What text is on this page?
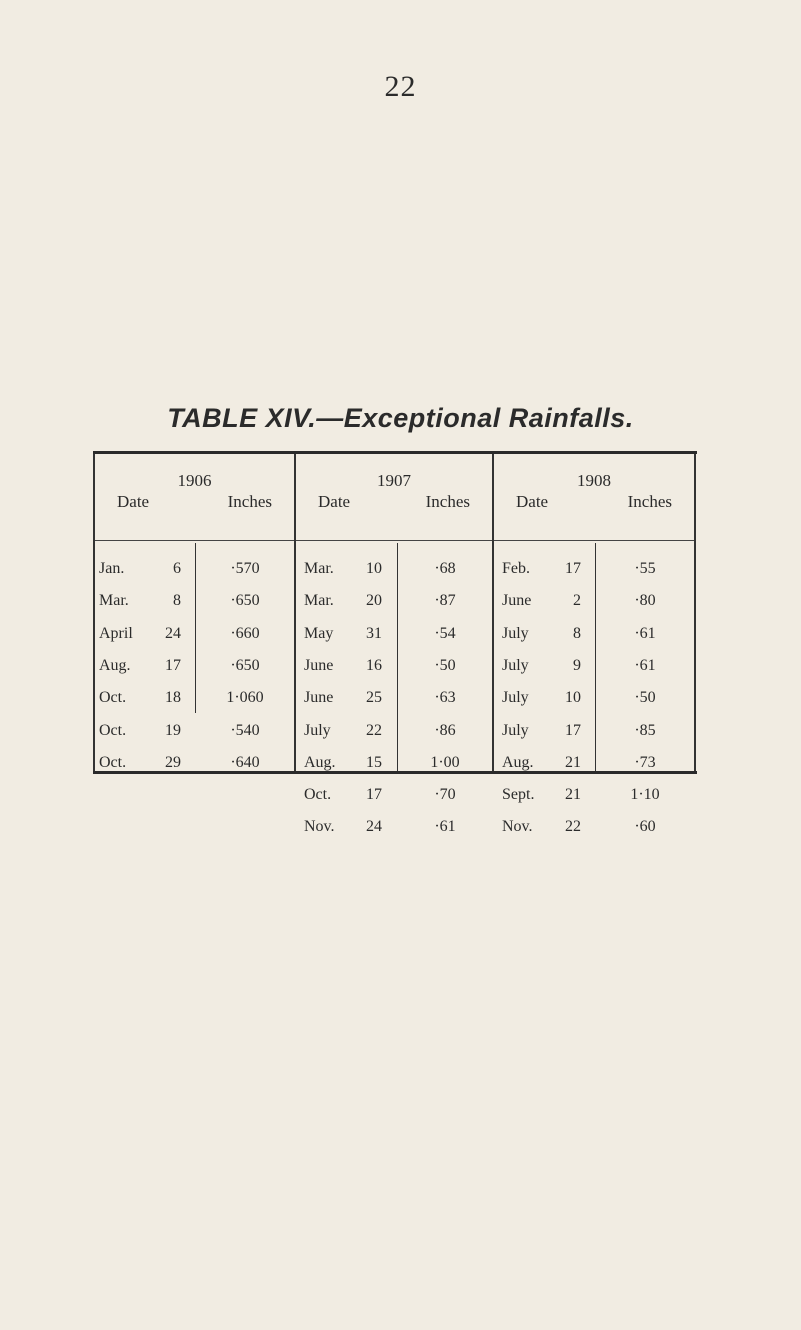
22
TABLE XIV.—Exceptional Rainfalls.
1906
Date	Inches
1907
Date	Inches
1908
Date	Inches
Jan.	6	·570
Mar.	8	·650
April	24	·660
Aug.	17	·650
Oct.	18	1·060
Oct.	19	·540
Oct.	29	·640
Mar.	10	·68
Mar.	20	·87
May	31	·54
June	16	·50
June	25	·63
July	22	·86
Aug.	15	1·00
Oct.	17	·70
Nov.	24	·61
Feb.	17	·55
June	2	·80
July	8	·61
July	9	·61
July	10	·50
July	17	·85
Aug.	21	·73
Sept.	21	1·10
Nov.	22	·60
